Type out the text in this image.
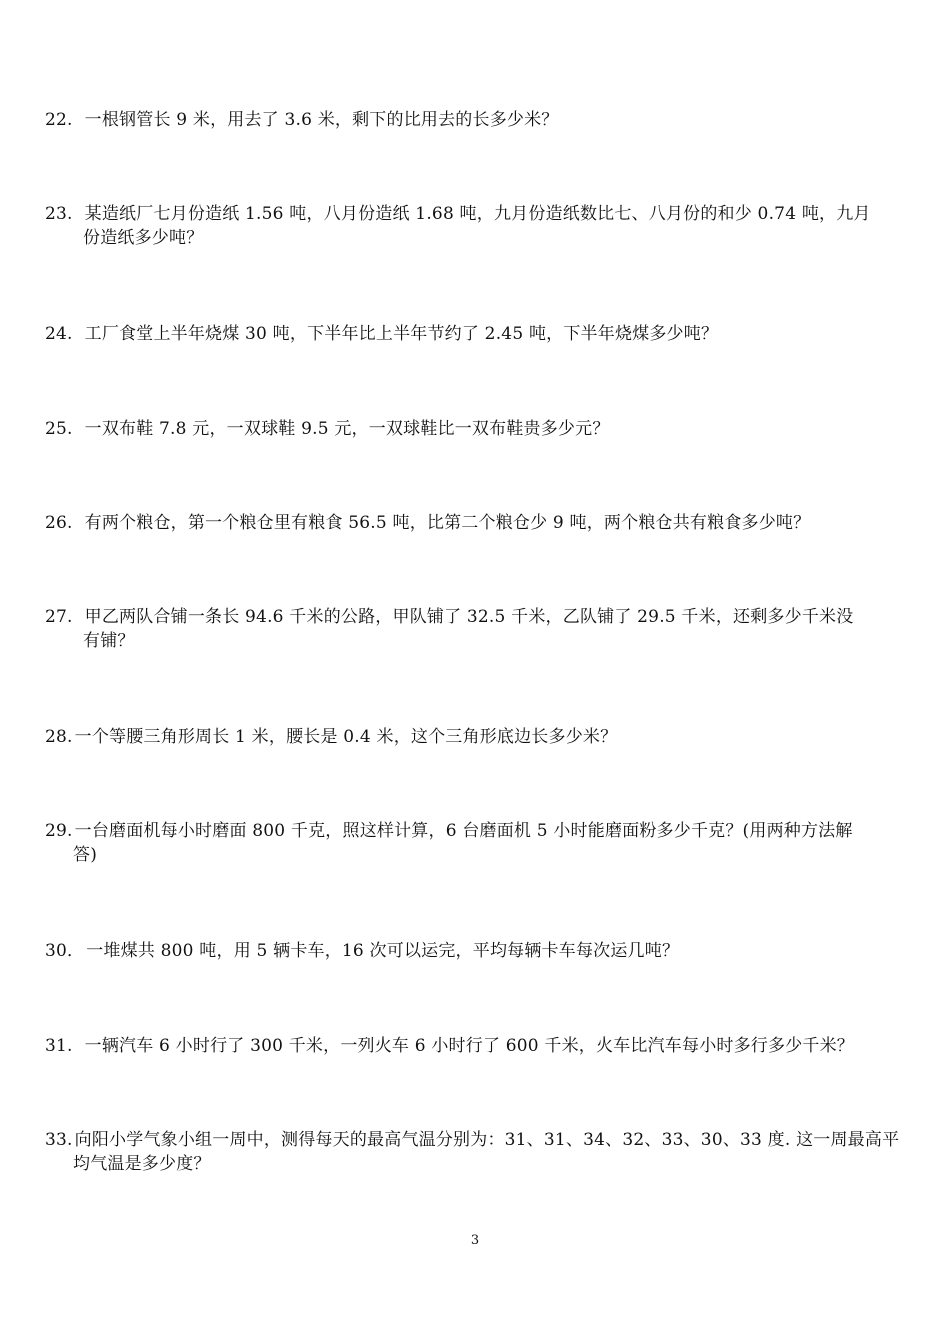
22. 一根钢管长 9 米，用去了 3.6 米，剩下的比用去的长多少米？
23. 某造纸厂七月份造纸 1.56 吨，八月份造纸 1.68 吨，九月份造纸数比七、八月份的和少 0.74 吨，九月
份造纸多少吨？
24. 工厂食堂上半年烧煤 30 吨，下半年比上半年节约了 2.45 吨，下半年烧煤多少吨？
25. 一双布鞋 7.8 元，一双球鞋 9.5 元，一双球鞋比一双布鞋贵多少元？
26. 有两个粮仓，第一个粮仓里有粮食 56.5 吨，比第二个粮仓少 9 吨，两个粮仓共有粮食多少吨？
27. 甲乙两队合铺一条长 94.6 千米的公路，甲队铺了 32.5 千米，乙队铺了 29.5 千米，还剩多少千米没
有铺？
28. 一个等腰三角形周长 1 米，腰长是 0.4 米，这个三角形底边长多少米？
29. 一台磨面机每小时磨面 800 千克，照这样计算，6 台磨面机 5 小时能磨面粉多少千克？(用两种方法解
答)
30． 一堆煤共 800 吨，用 5 辆卡车，16 次可以运完，平均每辆卡车每次运几吨？
31. 一辆汽车 6 小时行了 300 千米，一列火车 6 小时行了 600 千米，火车比汽车每小时多行多少千米？
33. 向阳小学气象小组一周中，测得每天的最高气温分别为：31、31、34、32、33、30、33 度. 这一周最高平
均气温是多少度？
3
